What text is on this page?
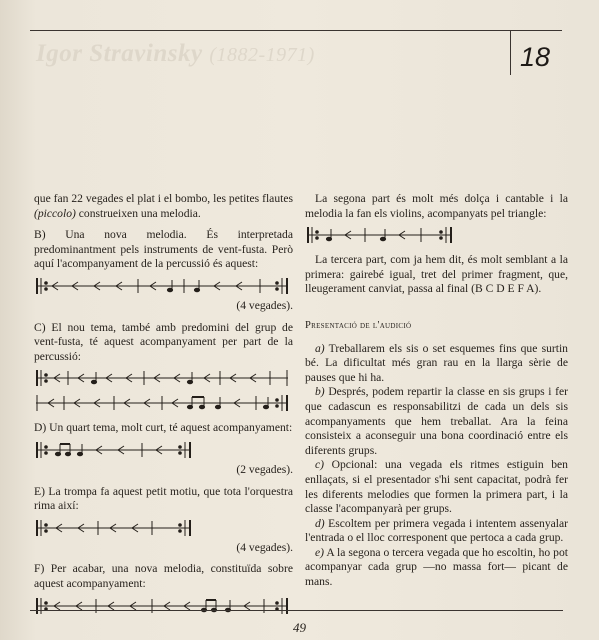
Igor Stravinsky (1882-1971)	18

que fan 22 vegades el plat i el bombo, les petites flautes (piccolo) construeixen una melodia.

B) Una nova melodia. És interpretada predominantment pels instruments de vent-fusta. Però aquí l'acompanyament de la percussió és aquest:

(4 vegades).

C) El nou tema, també amb predomini del grup de vent-fusta, té aquest acompanyament per part de la percussió:

D) Un quart tema, molt curt, té aquest acompanyament:

(2 vegades).

E) La trompa fa aquest petit motiu, que tota l'orquestra rima així:

(4 vegades).

F) Per acabar, una nova melodia, constituïda sobre aquest acompanyament:

La segona part és molt més dolça i cantable i la melodia la fan els violins, acompanyats pel triangle:

La tercera part, com ja hem dit, és molt semblant a la primera: gairebé igual, tret del primer fragment, que, lleugerament canviat, passa al final (B C D E F A).

Presentació de l'audició

a) Treballarem els sis o set esquemes fins que surtin bé. La dificultat més gran rau en la llarga sèrie de pauses que hi ha.

b) Després, podem repartir la classe en sis grups i fer que cadascun es responsabilitzi de cada un dels sis acompanyaments que hem treballat. Ara la feina consisteix a aconseguir una bona coordinació entre els diferents grups.

c) Opcional: una vegada els ritmes estiguin ben enllaçats, si el presentador s'hi sent capacitat, podrà fer les diferents melodies que formen la primera part, i la classe l'acompanyarà per grups.

d) Escoltem per primera vegada i intentem assenyalar l'entrada o el lloc corresponent que pertoca a cada grup.

e) A la segona o tercera vegada que ho escoltin, ho pot acompanyar cada grup —no massa fort— picant de mans.

49
